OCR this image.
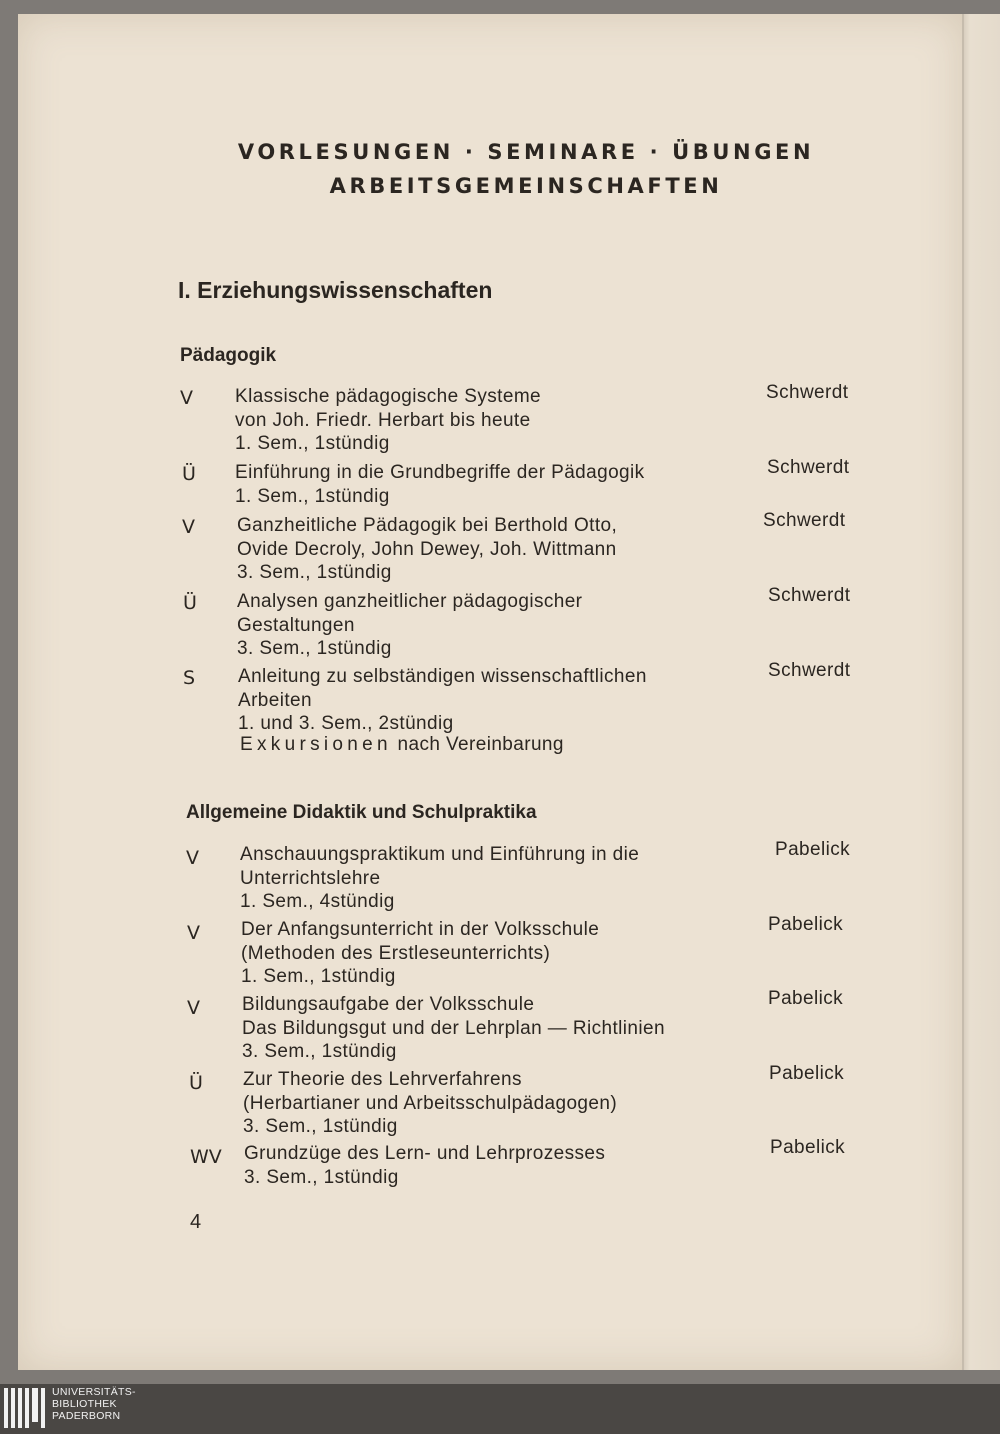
VORLESUNGEN · SEMINARE · ÜBUNGEN
ARBEITSGEMEINSCHAFTEN
I. Erziehungswissenschaften
Pädagogik
V Klassische pädagogische Systeme
von Joh. Friedr. Herbart bis heute
1. Sem., 1stündig
Schwerdt
Ü Einführung in die Grundbegriffe der Pädagogik
1. Sem., 1stündig
Schwerdt
V Ganzheitliche Pädagogik bei Berthold Otto,
Ovide Decroly, John Dewey, Joh. Wittmann
3. Sem., 1stündig
Schwerdt
Ü Analysen ganzheitlicher pädagogischer
Gestaltungen
3. Sem., 1stündig
Schwerdt
S Anleitung zu selbständigen wissenschaftlichen
Arbeiten
1. und 3. Sem., 2stündig
Schwerdt
Exkursionen nach Vereinbarung
Allgemeine Didaktik und Schulpraktika
V Anschauungspraktikum und Einführung in die
Unterrichtslehre
1. Sem., 4stündig
Pabelick
V Der Anfangsunterricht in der Volksschule
(Methoden des Erstleseunterrichts)
1. Sem., 1stündig
Pabelick
V Bildungsaufgabe der Volksschule
Das Bildungsgut und der Lehrplan — Richtlinien
3. Sem., 1stündig
Pabelick
Ü Zur Theorie des Lehrverfahrens
(Herbartianer und Arbeitsschulpädagogen)
3. Sem., 1stündig
Pabelick
WV Grundzüge des Lern- und Lehrprozesses
3. Sem., 1stündig
Pabelick
4
UNIVERSITÄTS-
BIBLIOTHEK
PADERBORN
